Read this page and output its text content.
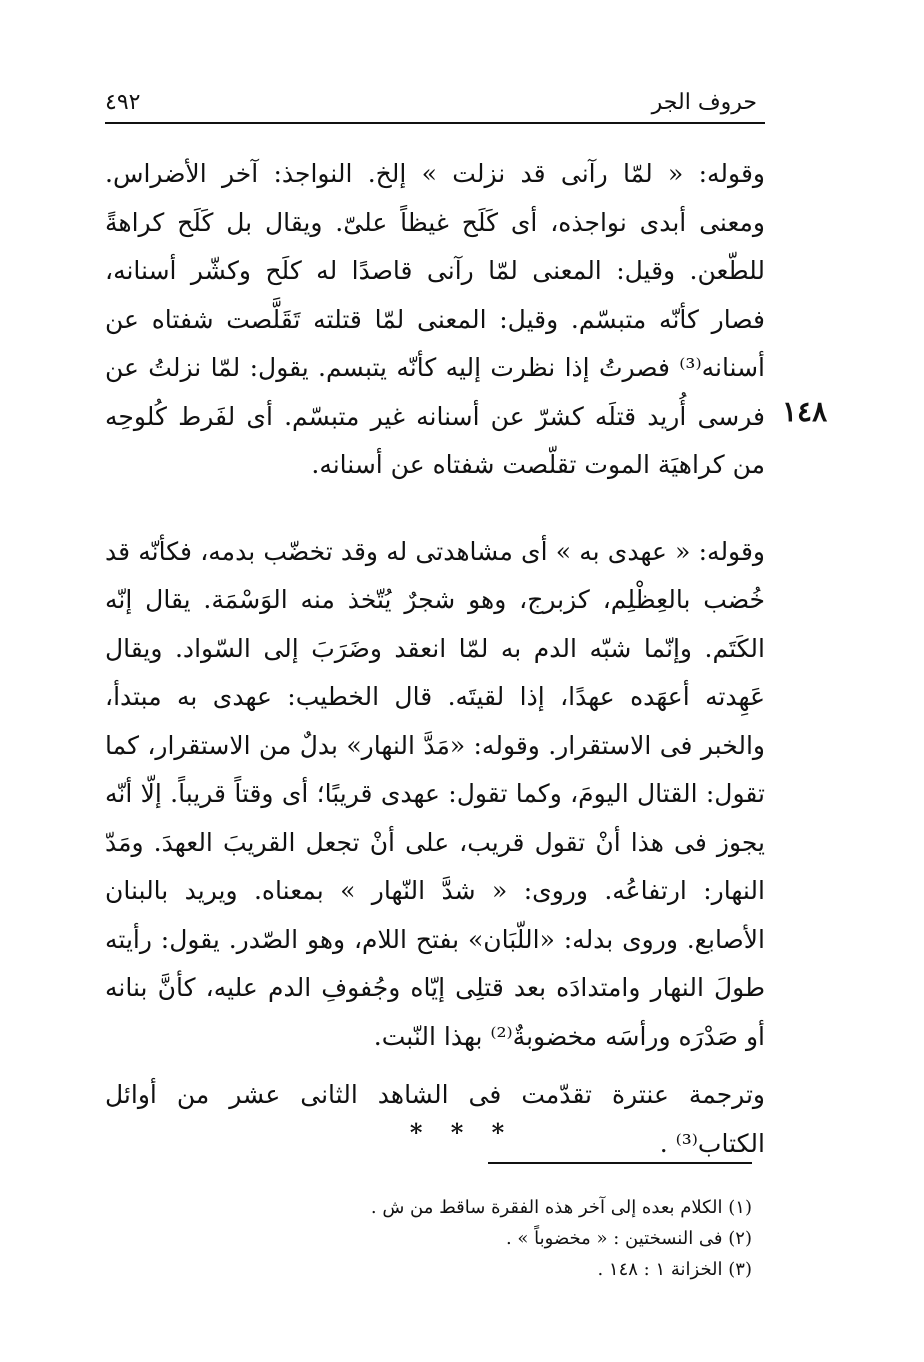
حروف الجر
٤٩٢
١٤٨

وقوله: « لمّا رآنى قد نزلت » إلخ. النواجذ: آخر الأضراس. ومعنى أبدى نواجذه، أى كَلَح غيظاً علىّ. ويقال بل كَلَح كراهةً للطّعن. وقيل: المعنى لمّا رآنى قاصدًا له كلَح وكشّر أسنانه، فصار كأنّه متبسّم. وقيل: المعنى لمّا قتلته تَقَلَّصت شفتاه عن أسنانه⁽³⁾ فصرتُ إذا نظرت إليه كأنّه يتبسم. يقول: لمّا نزلتُ عن فرسى أُريد قتلَه كشرّ عن أسنانه غير متبسّم. أى لفَرط كُلوحِه من كراهيَة الموت تقلّصت شفتاه عن أسنانه.

وقوله: « عهدى به » أى مشاهدتى له وقد تخضّب بدمه، فكأنّه قد خُضب بالعِظْلِم، كزبرج، وهو شجرٌ يُتّخذ منه الوَسْمَة. يقال إنّه الكَتَم. وإنّما شبّه الدم به لمّا انعقد وضَرَبَ إلى السّواد. ويقال عَهِدته أعهَده عهدًا، إذا لقيتَه. قال الخطيب: عهدى به مبتدأ، والخبر فى الاستقرار. وقوله: «مَدَّ النهار» بدلٌ من الاستقرار، كما تقول: القتال اليومَ، وكما تقول: عهدى قريبًا؛ أى وقتاً قريباً. إلّا أنّه يجوز فى هذا أنْ تقول قريب، على أنْ تجعل القريبَ العهدَ. ومَدّ النهار: ارتفاعُه. وروى: « شدَّ النّهار » بمعناه. ويريد بالبنان الأصابع. وروى بدله: «اللّبَان» بفتح اللام، وهو الصّدر. يقول: رأيته طولَ النهار وامتدادَه بعد قتلِى إيّاه وجُفوفِ الدم عليه، كأنَّ بنانه أو صَدْرَه ورأسَه مخضوبةٌ⁽²⁾ بهذا النّبت.

وترجمة عنترة تقدّمت فى الشاهد الثانى عشر من أوائل الكتاب⁽³⁾ .

* * *
(١) الكلام بعده إلى آخر هذه الفقرة ساقط من ش .
(٢) فى النسختين : « مخضوباً » .
(٣) الخزانة ١ : ١٤٨ .
